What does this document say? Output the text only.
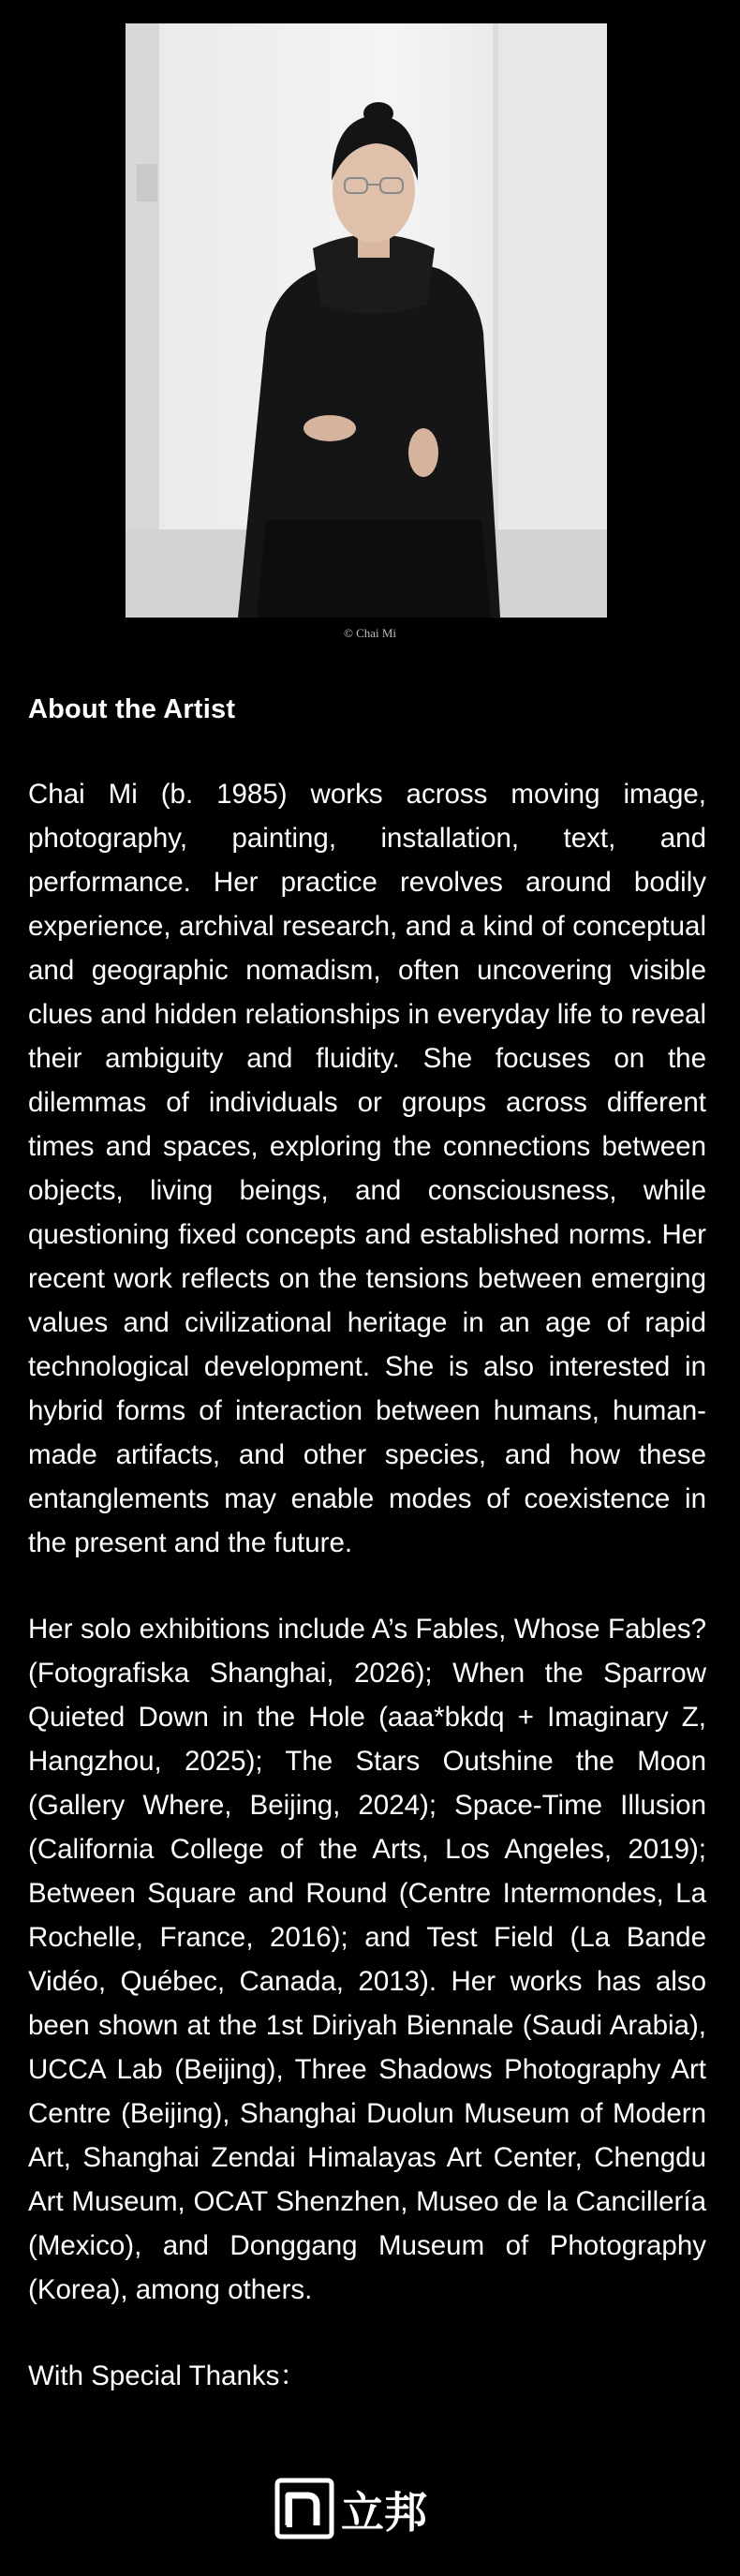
© Chai Mi
About the Artist

Chai Mi (b. 1985) works across moving image, photography, painting, installation, text, and performance. Her practice revolves around bodily experience, archival research, and a kind of conceptual and geographic nomadism, often uncovering visible clues and hidden relationships in everyday life to reveal their ambiguity and fluidity. She focuses on the dilemmas of individuals or groups across different times and spaces, exploring the connections between objects, living beings, and consciousness, while questioning fixed concepts and established norms. Her recent work reflects on the tensions between emerging values and civilizational heritage in an age of rapid technological development. She is also interested in hybrid forms of interaction between humans, human-made artifacts, and other species, and how these entanglements may enable modes of coexistence in the present and the future.

Her solo exhibitions include A’s Fables, Whose Fables? (Fotografiska Shanghai, 2026); When the Sparrow Quieted Down in the Hole (aaa*bkdq + Imaginary Z, Hangzhou, 2025); The Stars Outshine the Moon (Gallery Where, Beijing, 2024); Space-Time Illusion (California College of the Arts, Los Angeles, 2019); Between Square and Round (Centre Intermondes, La Rochelle, France, 2016); and Test Field (La Bande Vidéo, Québec, Canada, 2013). Her works has also been shown at the 1st Diriyah Biennale (Saudi Arabia), UCCA Lab (Beijing), Three Shadows Photography Art Centre (Beijing), Shanghai Duolun Museum of Modern Art, Shanghai Zendai Himalayas Art Center, Chengdu Art Museum, OCAT Shenzhen, Museo de la Cancillería (Mexico), and Donggang Museum of Photography (Korea), among others.

With Special Thanks：

立邦
